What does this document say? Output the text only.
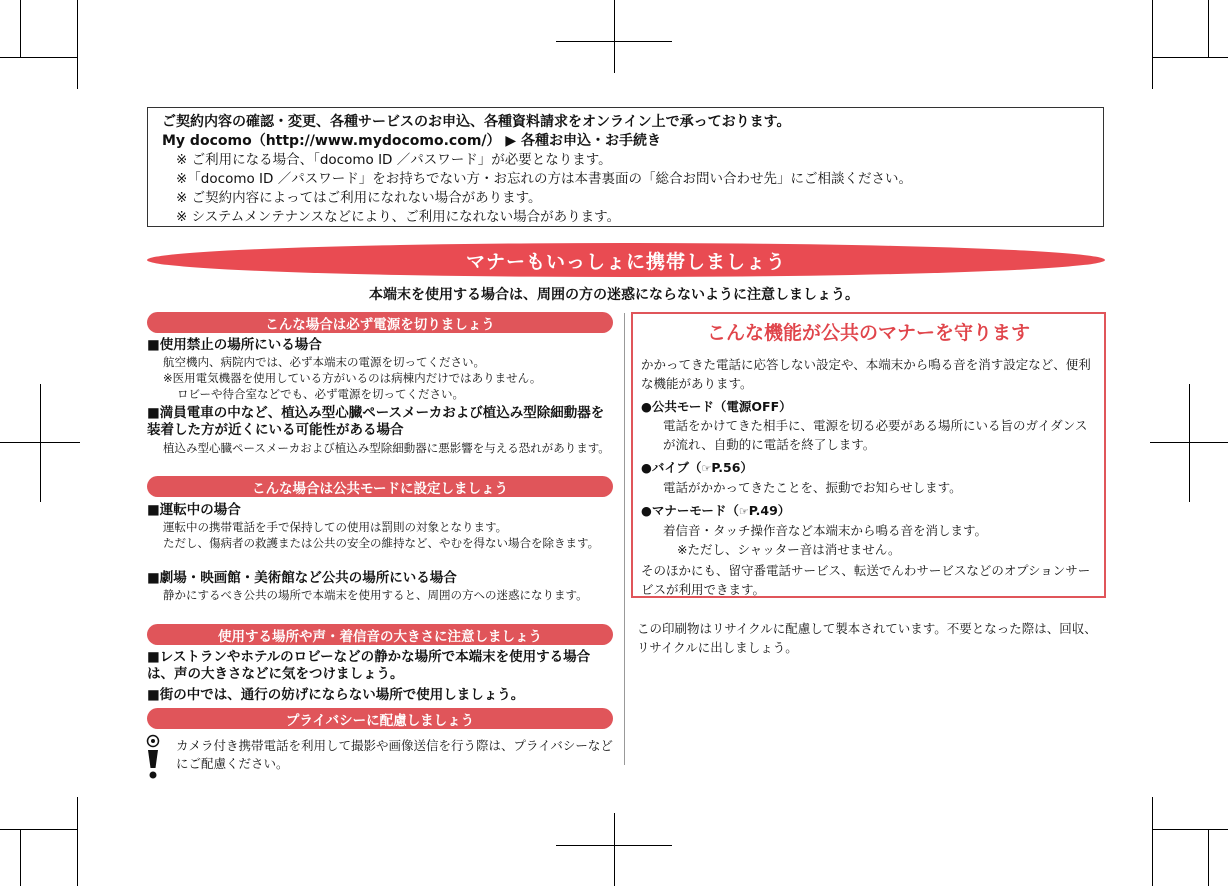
ご契約内容の確認・変更、各種サービスのお申込、各種資料請求をオンライン上で承っております。
My docomo（http://www.mydocomo.com/） ▶ 各種お申込・お手続き
※ ご利用になる場合、「docomo ID ／パスワード」が必要となります。
※「docomo ID ／パスワード」をお持ちでない方・お忘れの方は本書裏面の「総合お問い合わせ先」にご相談ください。
※ ご契約内容によってはご利用になれない場合があります。
※ システムメンテナンスなどにより、ご利用になれない場合があります。
マナーもいっしょに携帯しましょう
本端末を使用する場合は、周囲の方の迷惑にならないように注意しましょう。
こんな場合は必ず電源を切りましょう
■使用禁止の場所にいる場合
航空機内、病院内では、必ず本端末の電源を切ってください。
※医用電気機器を使用している方がいるのは病棟内だけではありません。
ロビーや待合室などでも、必ず電源を切ってください。
■満員電車の中など、植込み型心臓ペースメーカおよび植込み型除細動器を装着した方が近くにいる可能性がある場合
植込み型心臓ペースメーカおよび植込み型除細動器に悪影響を与える恐れがあります。
こんな場合は公共モードに設定しましょう
■運転中の場合
運転中の携帯電話を手で保持しての使用は罰則の対象となります。
ただし、傷病者の救護または公共の安全の維持など、やむを得ない場合を除きます。
■劇場・映画館・美術館など公共の場所にいる場合
静かにするべき公共の場所で本端末を使用すると、周囲の方への迷惑になります。
使用する場所や声・着信音の大きさに注意しましょう
■レストランやホテルのロビーなどの静かな場所で本端末を使用する場合は、声の大きさなどに気をつけましょう。
■街の中では、通行の妨げにならない場所で使用しましょう。
プライバシーに配慮しましょう
カメラ付き携帯電話を利用して撮影や画像送信を行う際は、プライバシーなどにご配慮ください。
こんな機能が公共のマナーを守ります
かかってきた電話に応答しない設定や、本端末から鳴る音を消す設定など、便利な機能があります。
●公共モード（電源OFF）
電話をかけてきた相手に、電源を切る必要がある場所にいる旨のガイダンスが流れ、自動的に電話を終了します。
●バイブ（☞P.56）
電話がかかってきたことを、振動でお知らせします。
●マナーモード（☞P.49）
着信音・タッチ操作音など本端末から鳴る音を消します。
※ただし、シャッター音は消せません。
そのほかにも、留守番電話サービス、転送でんわサービスなどのオプションサービスが利用できます。
この印刷物はリサイクルに配慮して製本されています。不要となった際は、回収、リサイクルに出しましょう。
